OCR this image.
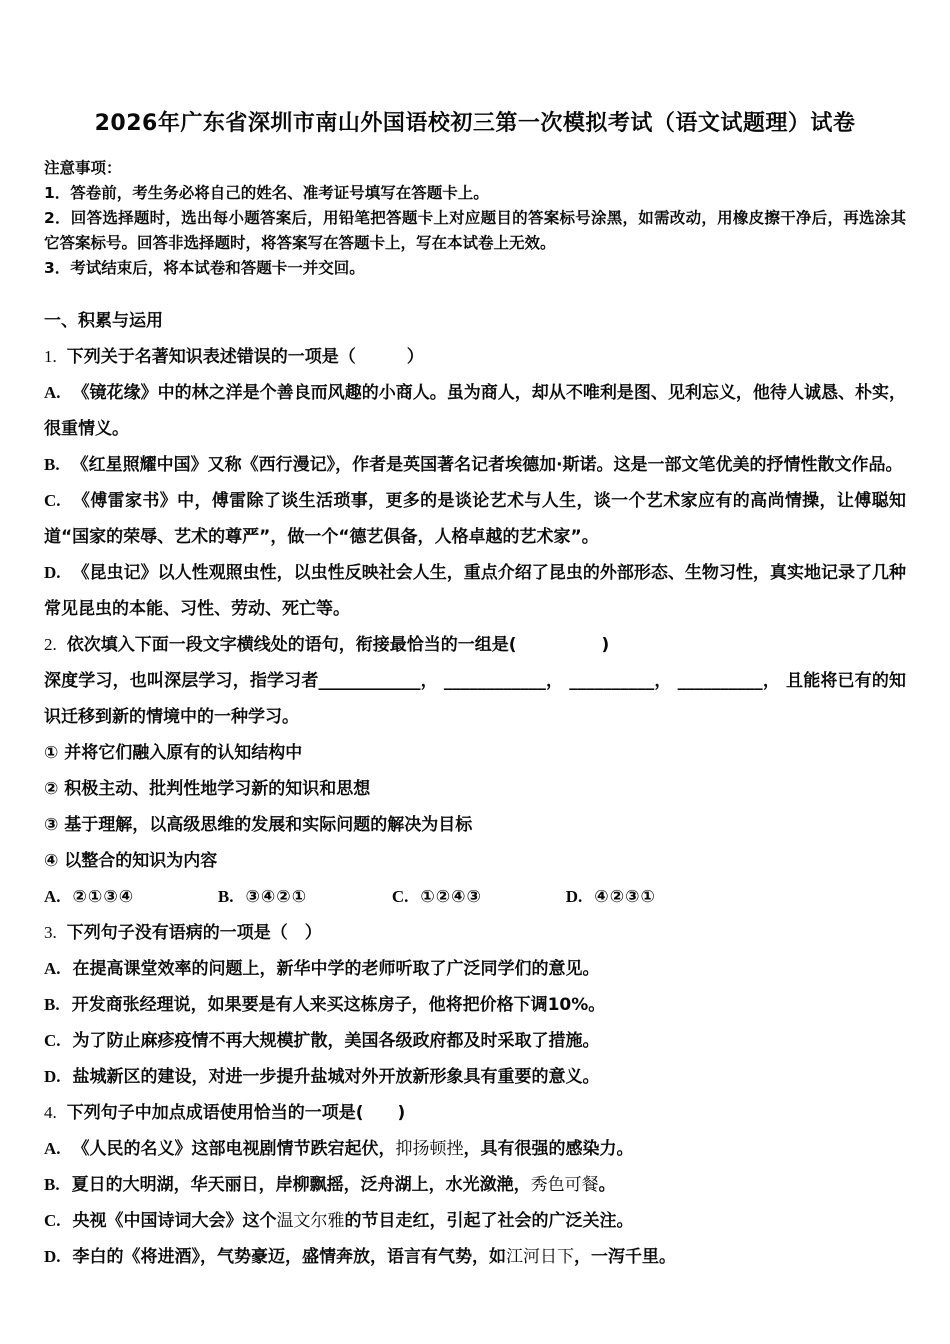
2026年广东省深圳市南山外国语校初三第一次模拟考试（语文试题理）试卷

注意事项：

1．答卷前，考生务必将自己的姓名、准考证号填写在答题卡上。

2．回答选择题时，选出每小题答案后，用铅笔把答题卡上对应题目的答案标号涂黑，如需改动，用橡皮擦干净后，再选涂其它答案标号。回答非选择题时，将答案写在答题卡上，写在本试卷上无效。

3．考试结束后，将本试卷和答题卡一并交回。

一、积累与运用

1. 下列关于名著知识表述错误的一项是（　　　）

A. 《镜花缘》中的林之洋是个善良而风趣的小商人。虽为商人，却从不唯利是图、见利忘义，他待人诚恳、朴实，很重情义。

B. 《红星照耀中国》又称《西行漫记》，作者是英国著名记者埃德加·斯诺。这是一部文笔优美的抒情性散文作品。

C. 《傅雷家书》中，傅雷除了谈生活琐事，更多的是谈论艺术与人生，谈一个艺术家应有的高尚情操，让傅聪知道“国家的荣辱、艺术的尊严”，做一个“德艺俱备，人格卓越的艺术家”。

D. 《昆虫记》以人性观照虫性，以虫性反映社会人生，重点介绍了昆虫的外部形态、生物习性，真实地记录了几种常见昆虫的本能、习性、劳动、死亡等。

2. 依次填入下面一段文字横线处的语句，衔接最恰当的一组是(　　　　　)

深度学习，也叫深层学习，指学习者____________， ____________， __________， __________， 且能将已有的知识迁移到新的情境中的一种学习。

① 并将它们融入原有的认知结构中

② 积极主动、批判性地学习新的知识和思想

③ 基于理解，以高级思维的发展和实际问题的解决为目标

④ 以整合的知识为内容

A. ②①③④	B. ③④②①	C. ①②④③	D. ④②③①

3. 下列句子没有语病的一项是（　）

A. 在提高课堂效率的问题上，新华中学的老师听取了广泛同学们的意见。

B. 开发商张经理说，如果要是有人来买这栋房子，他将把价格下调10%。

C. 为了防止麻疹疫情不再大规模扩散，美国各级政府都及时采取了措施。

D. 盐城新区的建设，对进一步提升盐城对外开放新形象具有重要的意义。

4. 下列句子中加点成语使用恰当的一项是(　　)

A. 《人民的名义》这部电视剧情节跌宕起伏，抑扬顿挫，具有很强的感染力。

B. 夏日的大明湖，华天丽日，岸柳飘摇，泛舟湖上，水光潋滟，秀色可餐。

C. 央视《中国诗词大会》这个温文尔雅的节目走红，引起了社会的广泛关注。

D. 李白的《将进酒》，气势豪迈，盛情奔放，语言有气势，如江河日下，一泻千里。
